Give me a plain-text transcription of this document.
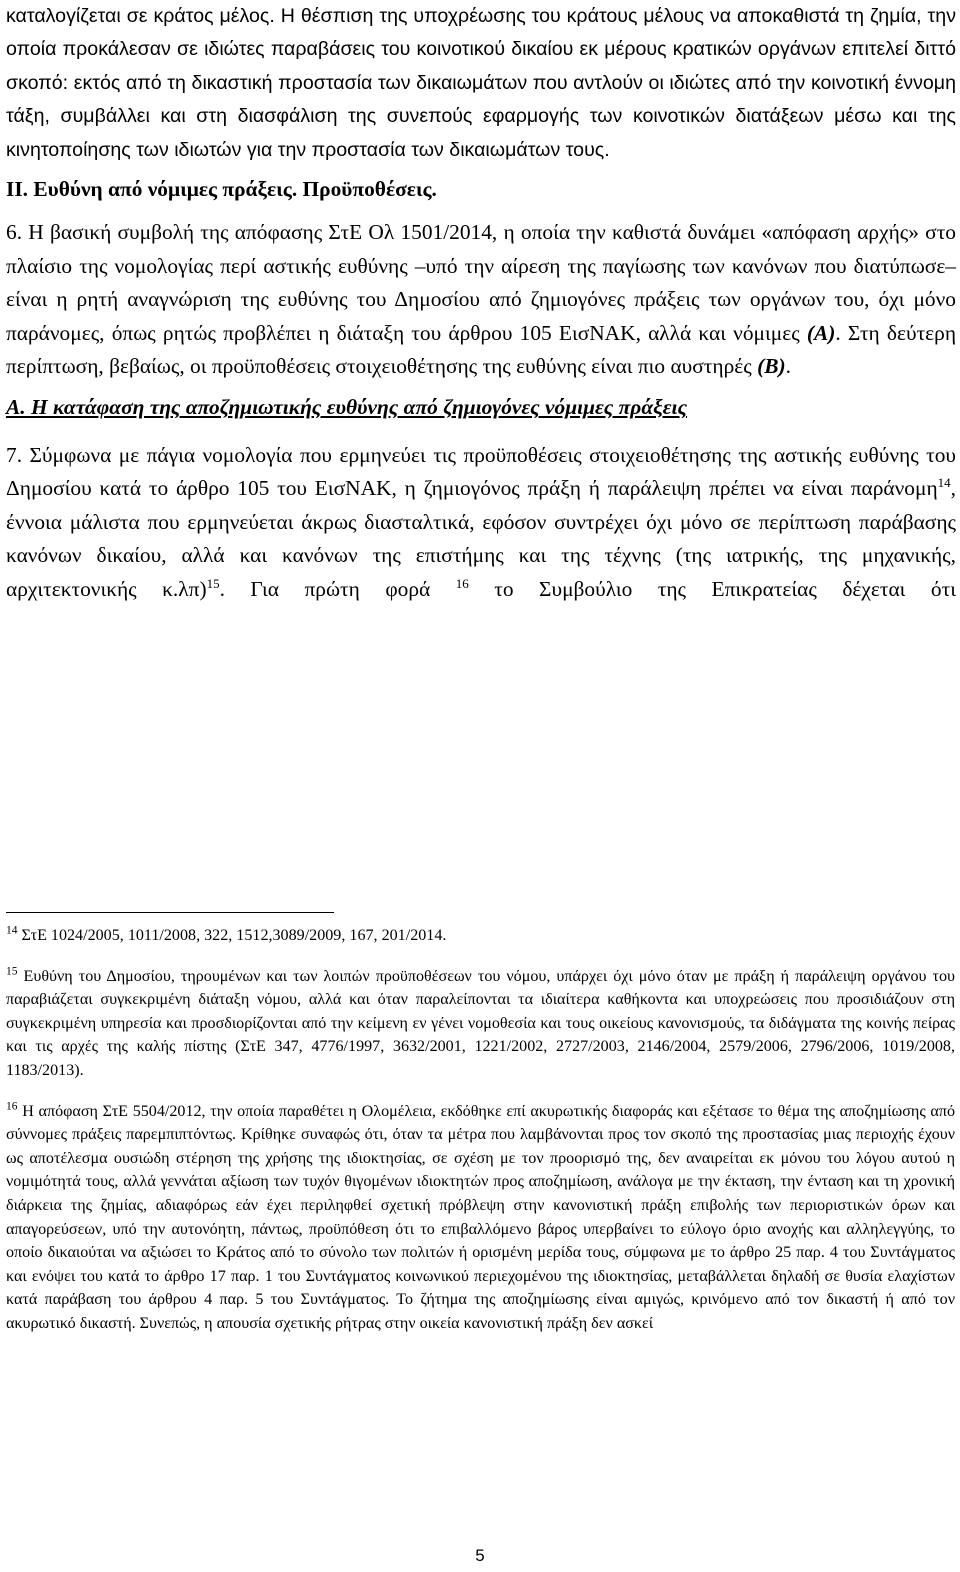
καταλογίζεται σε κράτος μέλος. Η θέσπιση της υποχρέωσης του κράτους μέλους να αποκαθιστά τη ζημία, την οποία προκάλεσαν σε ιδιώτες παραβάσεις του κοινοτικού δικαίου εκ μέρους κρατικών οργάνων επιτελεί διττό σκοπό: εκτός από τη δικαστική προστασία των δικαιωμάτων που αντλούν οι ιδιώτες από την κοινοτική έννομη τάξη, συμβάλλει και στη διασφάλιση της συνεπούς εφαρμογής των κοινοτικών διατάξεων μέσω και της κινητοποίησης των ιδιωτών για την προστασία των δικαιωμάτων τους.

ΙΙ. Ευθύνη από νόμιμες πράξεις. Προϋποθέσεις.

6. Η βασική συμβολή της απόφασης ΣτΕ Ολ 1501/2014, η οποία την καθιστά δυνάμει «απόφαση αρχής» στο πλαίσιο της νομολογίας περί αστικής ευθύνης –υπό την αίρεση της παγίωσης των κανόνων που διατύπωσε– είναι η ρητή αναγνώριση της ευθύνης του Δημοσίου από ζημιογόνες πράξεις των οργάνων του, όχι μόνο παράνομες, όπως ρητώς προβλέπει η διάταξη του άρθρου 105 ΕισΝΑΚ, αλλά και νόμιμες (Α). Στη δεύτερη περίπτωση, βεβαίως, οι προϋποθέσεις στοιχειοθέτησης της ευθύνης είναι πιο αυστηρές (Β).

Α. Η κατάφαση της αποζημιωτικής ευθύνης από ζημιογόνες νόμιμες πράξεις

7. Σύμφωνα με πάγια νομολογία που ερμηνεύει τις προϋποθέσεις στοιχειοθέτησης της αστικής ευθύνης του Δημοσίου κατά το άρθρο 105 του ΕισΝΑΚ, η ζημιογόνος πράξη ή παράλειψη πρέπει να είναι παράνομη$^{14}$, έννοια μάλιστα που ερμηνεύεται άκρως διασταλτικά, εφόσον συντρέχει όχι μόνο σε περίπτωση παράβασης κανόνων δικαίου, αλλά και κανόνων της επιστήμης και της τέχνης (της ιατρικής, της μηχανικής, αρχιτεκτονικής κ.λπ)$^{15}$. Για πρώτη φορά $^{16}$ το Συμβούλιο της Επικρατείας δέχεται ότι

$^{14}$ ΣτΕ 1024/2005, 1011/2008, 322, 1512,3089/2009, 167, 201/2014.

$^{15}$ Ευθύνη του Δημοσίου, τηρουμένων και των λοιπών προϋποθέσεων του νόμου, υπάρχει όχι μόνο όταν με πράξη ή παράλειψη οργάνου του παραβιάζεται συγκεκριμένη διάταξη νόμου, αλλά και όταν παραλείπονται τα ιδιαίτερα καθήκοντα και υποχρεώσεις που προσιδιάζουν στη συγκεκριμένη υπηρεσία και προσδιορίζονται από την κείμενη εν γένει νομοθεσία και τους οικείους κανονισμούς, τα διδάγματα της κοινής πείρας και τις αρχές της καλής πίστης (ΣτΕ 347, 4776/1997, 3632/2001, 1221/2002, 2727/2003, 2146/2004, 2579/2006, 2796/2006, 1019/2008, 1183/2013).

$^{16}$ Η απόφαση ΣτΕ 5504/2012, την οποία παραθέτει η Ολομέλεια, εκδόθηκε επί ακυρωτικής διαφοράς και εξέτασε το θέμα της αποζημίωσης από σύννομες πράξεις παρεμπιπτόντως. Κρίθηκε συναφώς ότι, όταν τα μέτρα που λαμβάνονται προς τον σκοπό της προστασίας μιας περιοχής έχουν ως αποτέλεσμα ουσιώδη στέρηση της χρήσης της ιδιοκτησίας, σε σχέση με τον προορισμό της, δεν αναιρείται εκ μόνου του λόγου αυτού η νομιμότητά τους, αλλά γεννάται αξίωση των τυχόν θιγομένων ιδιοκτητών προς αποζημίωση, ανάλογα με την έκταση, την ένταση και τη χρονική διάρκεια της ζημίας, αδιαφόρως εάν έχει περιληφθεί σχετική πρόβλεψη στην κανονιστική πράξη επιβολής των περιοριστικών όρων και απαγορεύσεων, υπό την αυτονόητη, πάντως, προϋπόθεση ότι το επιβαλλόμενο βάρος υπερβαίνει το εύλογο όριο ανοχής και αλληλεγγύης, το οποίο δικαιούται να αξιώσει το Κράτος από το σύνολο των πολιτών ή ορισμένη μερίδα τους, σύμφωνα με το άρθρο 25 παρ. 4 του Συντάγματος και ενόψει του κατά το άρθρο 17 παρ. 1 του Συντάγματος κοινωνικού περιεχομένου της ιδιοκτησίας, μεταβάλλεται δηλαδή σε θυσία ελαχίστων κατά παράβαση του άρθρου 4 παρ. 5 του Συντάγματος. Το ζήτημα της αποζημίωσης είναι αμιγώς, κρινόμενο από τον δικαστή ή από τον ακυρωτικό δικαστή. Συνεπώς, η απουσία σχετικής ρήτρας στην οικεία κανονιστική πράξη δεν ασκεί

5
